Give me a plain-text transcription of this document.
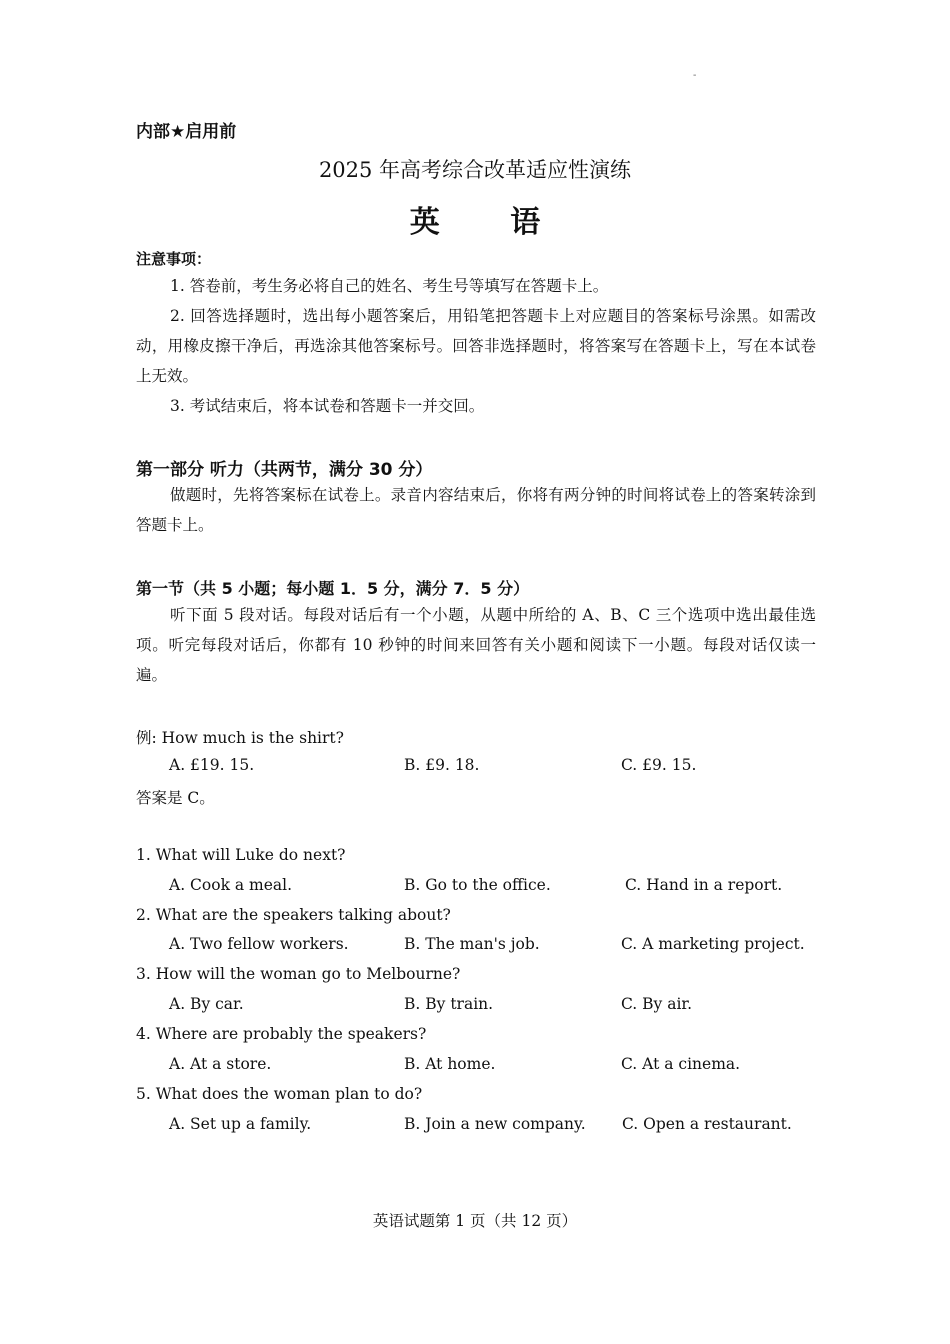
-
内部★启用前
2025 年高考综合改革适应性演练
英 语
注意事项：
1. 答卷前，考生务必将自己的姓名、考生号等填写在答题卡上。
2. 回答选择题时，选出每小题答案后，用铅笔把答题卡上对应题目的答案标号涂黑。如需改动，用橡皮擦干净后，再选涂其他答案标号。回答非选择题时，将答案写在答题卡上，写在本试卷上无效。
3. 考试结束后，将本试卷和答题卡一并交回。
第一部分 听力（共两节，满分 30 分）
做题时，先将答案标在试卷上。录音内容结束后，你将有两分钟的时间将试卷上的答案转涂到答题卡上。
第一节（共 5 小题；每小题 1．5 分，满分 7．5 分）
听下面 5 段对话。每段对话后有一个小题，从题中所给的 A、B、C 三个选项中选出最佳选项。听完每段对话后，你都有 10 秒钟的时间来回答有关小题和阅读下一小题。每段对话仅读一遍。
例: How much is the shirt?
A. £19. 15.	B. £9. 18.	C. £9. 15.
答案是 C。
1. What will Luke do next?
A. Cook a meal.	B. Go to the office.	C. Hand in a report.
2. What are the speakers talking about?
A. Two fellow workers.	B. The man's job.	C. A marketing project.
3. How will the woman go to Melbourne?
A. By car.	B. By train.	C. By air.
4. Where are probably the speakers?
A. At a store.	B. At home.	C. At a cinema.
5. What does the woman plan to do?
A. Set up a family.	B. Join a new company. C. Open a restaurant.
英语试题第 1 页（共 12 页）
